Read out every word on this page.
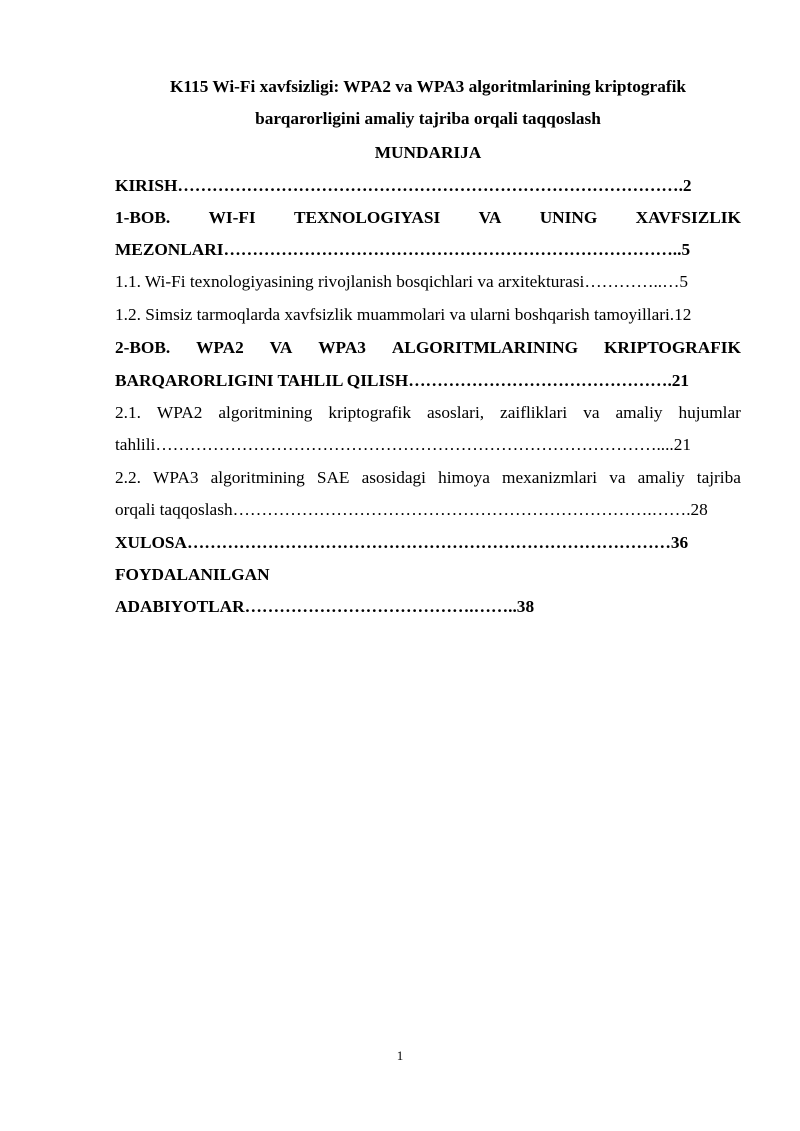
K115 Wi-Fi xavfsizligi: WPA2 va WPA3 algoritmlarining kriptografik
barqarorligini amaliy tajriba orqali taqqoslash
MUNDARIJA
KIRISH…………………………………………………………………………….2
1-BOB. WI-FI TEXNOLOGIYASI VA UNING XAVFSIZLIK
MEZONLARI……………………………………………………………………..5
1.1. Wi-Fi texnologiyasining rivojlanish bosqichlari va arxitekturasi…………..…5
1.2. Simsiz tarmoqlarda xavfsizlik muammolari va ularni boshqarish tamoyillari.12
2-BOB. WPA2 VA WPA3 ALGORITMLARINING KRIPTOGRAFIK
BARQARORLIGINI TAHLIL QILISH……………………………………….21
2.1. WPA2 algoritmining kriptografik asoslari, zaifliklari va amaliy hujumlar
tahlili……………………………………………………………………………....21
2.2. WPA3 algoritmining SAE asosidagi himoya mexanizmlari va amaliy tajriba
orqali taqqoslash……………………………………………………………….…….28
XULOSA…………………………………………………………………………36
FOYDALANILGAN
ADABIYOTLAR………………………………….……..38
1
